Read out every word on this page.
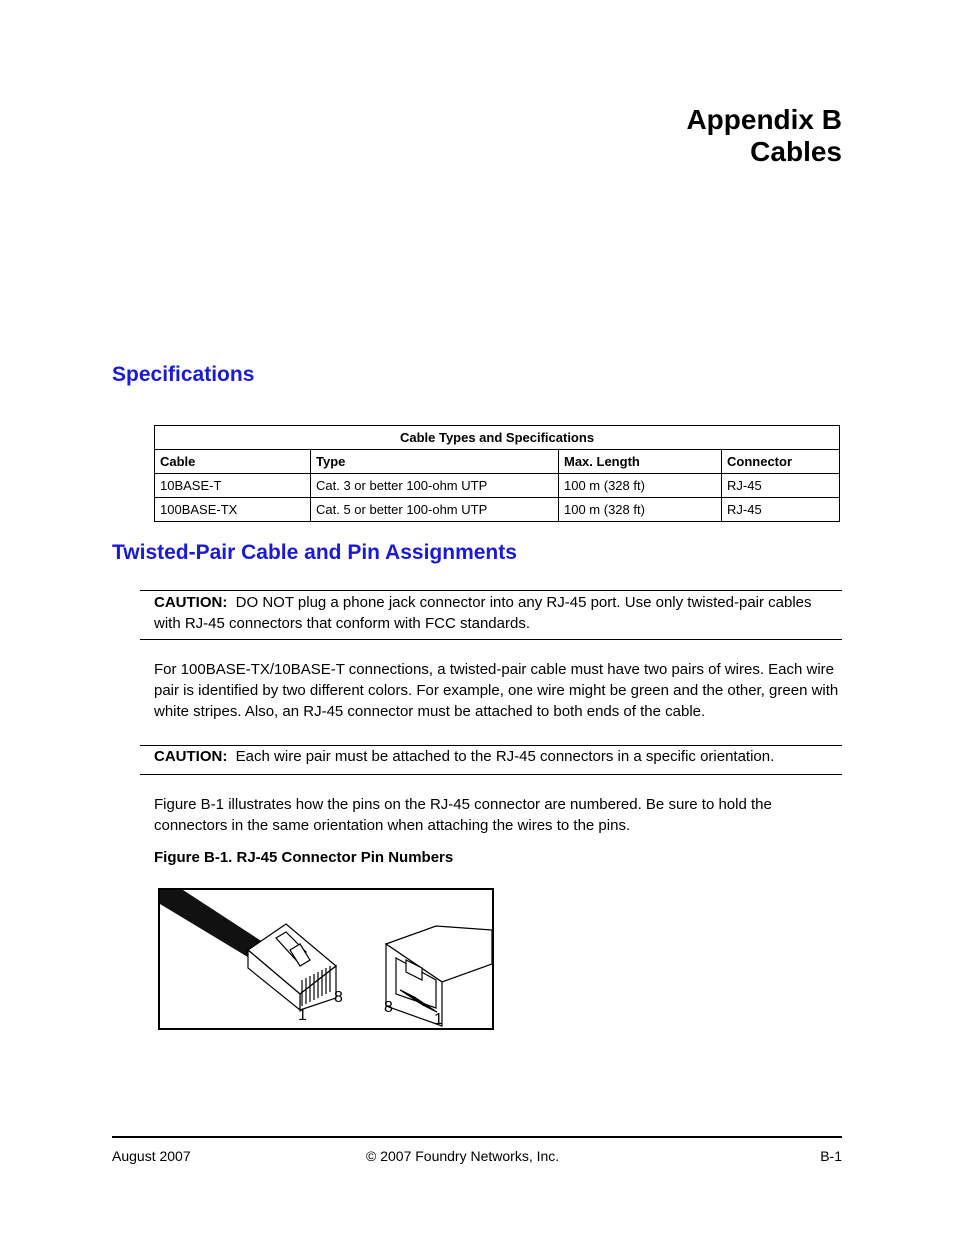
Appendix B
Cables
Specifications
Cable Types and Specifications			
Cable	Type	Max. Length	Connector
10BASE-T	Cat. 3 or better 100-ohm UTP	100 m (328 ft)	RJ-45
100BASE-TX	Cat. 5 or better 100-ohm UTP	100 m (328 ft)	RJ-45
Twisted-Pair Cable and Pin Assignments
CAUTION: DO NOT plug a phone jack connector into any RJ-45 port. Use only twisted-pair cables with RJ-45 connectors that conform with FCC standards.
For 100BASE-TX/10BASE-T connections, a twisted-pair cable must have two pairs of wires. Each wire pair is identified by two different colors. For example, one wire might be green and the other, green with white stripes. Also, an RJ-45 connector must be attached to both ends of the cable.
CAUTION: Each wire pair must be attached to the RJ-45 connectors in a specific orientation.
Figure B-1 illustrates how the pins on the RJ-45 connector are numbered. Be sure to hold the connectors in the same orientation when attaching the wires to the pins.
Figure B-1. RJ-45 Connector Pin Numbers
1
8
8
1
August 2007	© 2007 Foundry Networks, Inc.	B-1
